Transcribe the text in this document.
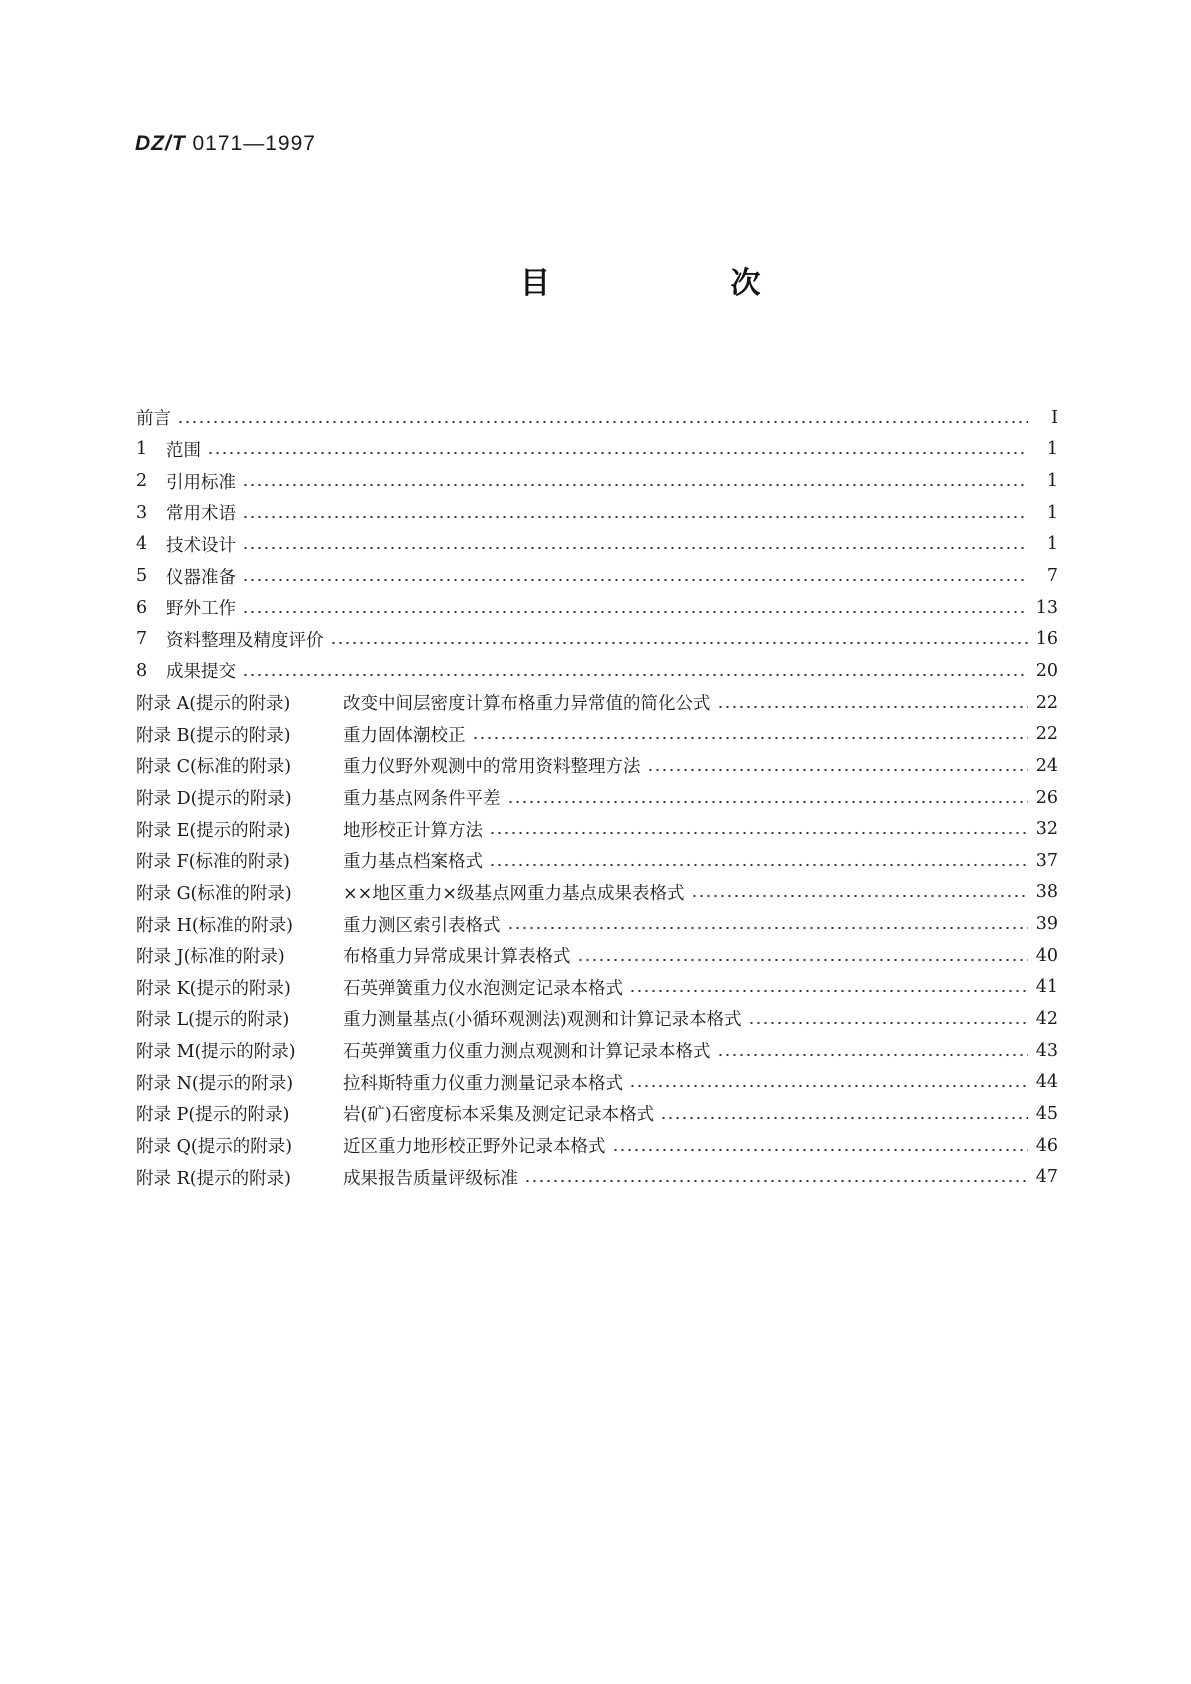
DZ/T 0171—1997
目 次
前言	I
1	范围	1
2	引用标准	1
3	常用术语	1
4	技术设计	1
5	仪器准备	7
6	野外工作	13
7	资料整理及精度评价	16
8	成果提交	20
附录 A(提示的附录)	改变中间层密度计算布格重力异常值的简化公式	22
附录 B(提示的附录)	重力固体潮校正	22
附录 C(标准的附录)	重力仪野外观测中的常用资料整理方法	24
附录 D(提示的附录)	重力基点网条件平差	26
附录 E(提示的附录)	地形校正计算方法	32
附录 F(标准的附录)	重力基点档案格式	37
附录 G(标准的附录)	××地区重力×级基点网重力基点成果表格式	38
附录 H(标准的附录)	重力测区索引表格式	39
附录 J(标准的附录)	布格重力异常成果计算表格式	40
附录 K(提示的附录)	石英弹簧重力仪水泡测定记录本格式	41
附录 L(提示的附录)	重力测量基点(小循环观测法)观测和计算记录本格式	42
附录 M(提示的附录)	石英弹簧重力仪重力测点观测和计算记录本格式	43
附录 N(提示的附录)	拉科斯特重力仪重力测量记录本格式	44
附录 P(提示的附录)	岩(矿)石密度标本采集及测定记录本格式	45
附录 Q(提示的附录)	近区重力地形校正野外记录本格式	46
附录 R(提示的附录)	成果报告质量评级标准	47
